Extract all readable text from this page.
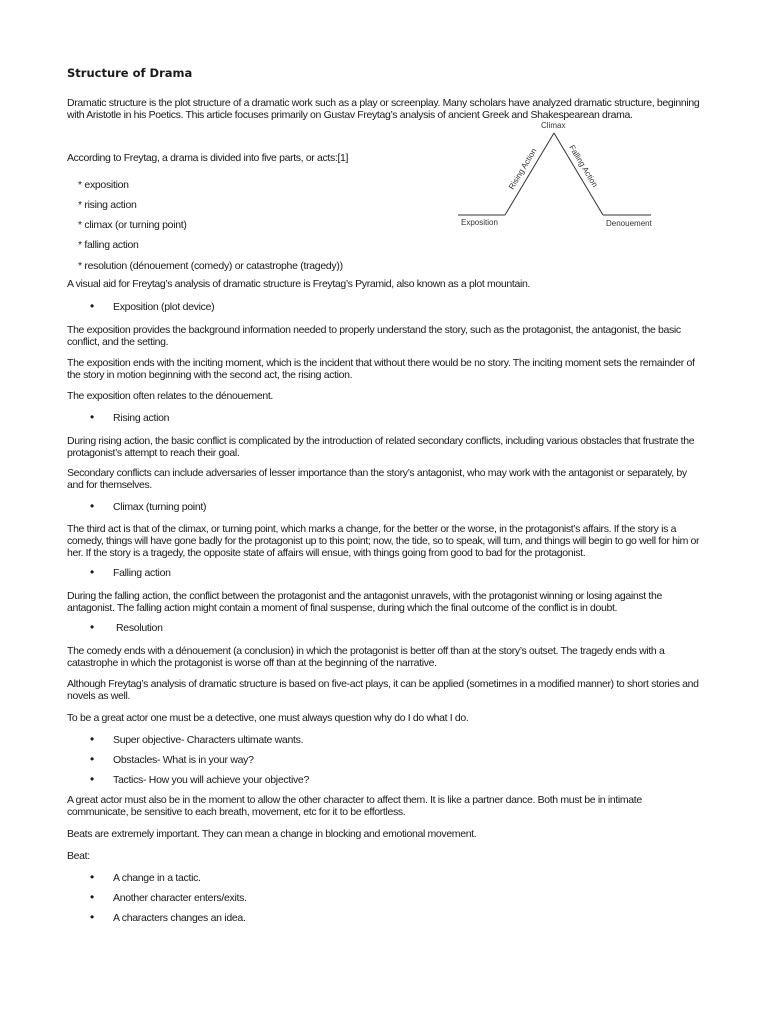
Structure of Drama
Dramatic structure is the plot structure of a dramatic work such as a play or screenplay. Many scholars have analyzed dramatic structure, beginning with Aristotle in his Poetics. This article focuses primarily on Gustav Freytag’s analysis of ancient Greek and Shakespearean drama.
According to Freytag, a drama is divided into five parts, or acts:[1]
* exposition
* rising action
* climax (or turning point)
* falling action
* resolution (dénouement (comedy) or catastrophe (tragedy))
Climax
Rising Action	Falling Action
Exposition	Denouement
A visual aid for Freytag’s analysis of dramatic structure is Freytag’s Pyramid, also known as a plot mountain.
• Exposition (plot device)
The exposition provides the background information needed to properly understand the story, such as the protagonist, the antagonist, the basic conflict, and the setting.
The exposition ends with the inciting moment, which is the incident that without there would be no story. The inciting moment sets the remainder of the story in motion beginning with the second act, the rising action.
The exposition often relates to the dénouement.
• Rising action
During rising action, the basic conflict is complicated by the introduction of related secondary conflicts, including various obstacles that frustrate the protagonist’s attempt to reach their goal.
Secondary conflicts can include adversaries of lesser importance than the story’s antagonist, who may work with the antagonist or separately, by and for themselves.
• Climax (turning point)
The third act is that of the climax, or turning point, which marks a change, for the better or the worse, in the protagonist’s affairs. If the story is a comedy, things will have gone badly for the protagonist up to this point; now, the tide, so to speak, will turn, and things will begin to go well for him or her. If the story is a tragedy, the opposite state of affairs will ensue, with things going from good to bad for the protagonist.
• Falling action
During the falling action, the conflict between the protagonist and the antagonist unravels, with the protagonist winning or losing against the antagonist. The falling action might contain a moment of final suspense, during which the final outcome of the conflict is in doubt.
• Resolution
The comedy ends with a dénouement (a conclusion) in which the protagonist is better off than at the story’s outset. The tragedy ends with a catastrophe in which the protagonist is worse off than at the beginning of the narrative.
Although Freytag’s analysis of dramatic structure is based on five-act plays, it can be applied (sometimes in a modified manner) to short stories and novels as well.
To be a great actor one must be a detective, one must always question why do I do what I do.
• Super objective- Characters ultimate wants.
• Obstacles- What is in your way?
• Tactics- How you will achieve your objective?
A great actor must also be in the moment to allow the other character to affect them. It is like a partner dance. Both must be in intimate communicate, be sensitive to each breath, movement, etc for it to be effortless.
Beats are extremely important. They can mean a change in blocking and emotional movement.
Beat:
• A change in a tactic.
• Another character enters/exits.
• A characters changes an idea.
